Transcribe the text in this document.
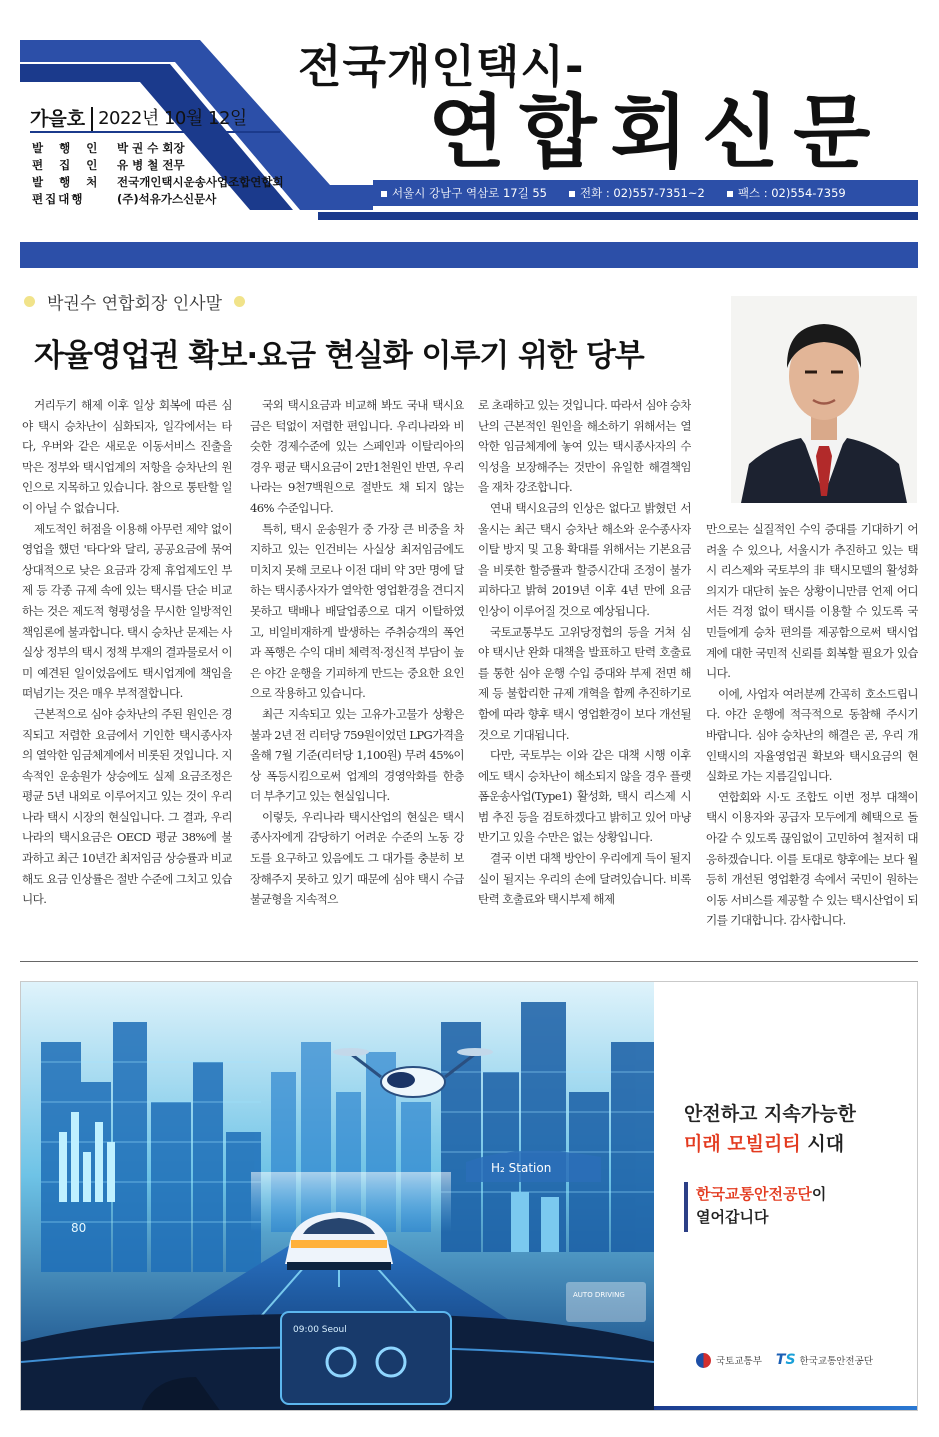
가을호 2022년 10월 12일
발 행 인	박 권 수 회장
편 집 인	유 병 철 전무
발 행 처	전국개인택시운송사업조합연합회
편집대행	(주)석유가스신문사
전국개인택시-
연합회신문
서울시 강남구 역삼로 17길 55	전화 : 02)557-7351~2	팩스 : 02)554-7359
박권수 연합회장 인사말
자율영업권 확보·요금 현실화 이루기 위한 당부

거리두기 해제 이후 일상 회복에 따른 심야 택시 승차난이 심화되자, 일각에서는 타다, 우버와 같은 새로운 이동서비스 진출을 막은 정부와 택시업계의 저항을 승차난의 원인으로 지목하고 있습니다. 참으로 통탄할 일이 아닐 수 없습니다.

제도적인 허점을 이용해 아무런 제약 없이 영업을 했던 '타다'와 달리, 공공요금에 묶여 상대적으로 낮은 요금과 강제 휴업제도인 부제 등 각종 규제 속에 있는 택시를 단순 비교하는 것은 제도적 형평성을 무시한 일방적인 책임론에 불과합니다. 택시 승차난 문제는 사실상 정부의 택시 정책 부재의 결과물로서 이미 예견된 일이었음에도 택시업계에 책임을 떠넘기는 것은 매우 부적절합니다.

근본적으로 심야 승차난의 주된 원인은 경직되고 저렴한 요금에서 기인한 택시종사자의 열악한 임금체계에서 비롯된 것입니다. 지속적인 운송원가 상승에도 실제 요금조정은 평균 5년 내외로 이루어지고 있는 것이 우리나라 택시 시장의 현실입니다. 그 결과, 우리나라의 택시요금은 OECD 평균 38%에 불과하고 최근 10년간 최저임금 상승률과 비교해도 요금 인상률은 절반 수준에 그치고 있습니다.

국외 택시요금과 비교해 봐도 국내 택시요금은 턱없이 저렴한 편입니다. 우리나라와 비슷한 경제수준에 있는 스페인과 이탈리아의 경우 평균 택시요금이 2만1천원인 반면, 우리나라는 9천7백원으로 절반도 채 되지 않는 46% 수준입니다.

특히, 택시 운송원가 중 가장 큰 비중을 차지하고 있는 인건비는 사실상 최저임금에도 미치지 못해 코로나 이전 대비 약 3만 명에 달하는 택시종사자가 열악한 영업환경을 견디지 못하고 택배나 배달업종으로 대거 이탈하였고, 비일비재하게 발생하는 주취승객의 폭언과 폭행은 수익 대비 체력적·정신적 부담이 높은 야간 운행을 기피하게 만드는 중요한 요인으로 작용하고 있습니다.

최근 지속되고 있는 고유가·고물가 상황은 불과 2년 전 리터당 759원이었던 LPG가격을 올해 7월 기준(리터당 1,100원) 무려 45%이상 폭등시킴으로써 업계의 경영악화를 한층 더 부추기고 있는 현실입니다.

이렇듯, 우리나라 택시산업의 현실은 택시종사자에게 감당하기 어려운 수준의 노동 강도를 요구하고 있음에도 그 대가를 충분히 보장해주지 못하고 있기 때문에 심야 택시 수급불균형을 지속적으

로 초래하고 있는 것입니다. 따라서 심야 승차난의 근본적인 원인을 해소하기 위해서는 열악한 임금체계에 놓여 있는 택시종사자의 수익성을 보장해주는 것만이 유일한 해결책임을 재차 강조합니다.

연내 택시요금의 인상은 없다고 밝혔던 서울시는 최근 택시 승차난 해소와 운수종사자 이탈 방지 및 고용 확대를 위해서는 기본요금을 비롯한 할증률과 할증시간대 조정이 불가피하다고 밝혀 2019년 이후 4년 만에 요금 인상이 이루어질 것으로 예상됩니다.

국토교통부도 고위당정협의 등을 거쳐 심야 택시난 완화 대책을 발표하고 탄력 호출료를 통한 심야 운행 수입 증대와 부제 전면 해제 등 불합리한 규제 개혁을 함께 추진하기로 함에 따라 향후 택시 영업환경이 보다 개선될 것으로 기대됩니다.

다만, 국토부는 이와 같은 대책 시행 이후에도 택시 승차난이 해소되지 않을 경우 플랫폼운송사업(Type1) 활성화, 택시 리스제 시범 추진 등을 검토하겠다고 밝히고 있어 마냥 반기고 있을 수만은 없는 상황입니다.

결국 이번 대책 방안이 우리에게 득이 될지 실이 될지는 우리의 손에 달려있습니다. 비록 탄력 호출료와 택시부제 해제

만으로는 실질적인 수익 증대를 기대하기 어려울 수 있으나, 서울시가 추진하고 있는 택시 리스제와 국토부의 非 택시모델의 활성화 의지가 대단히 높은 상황이니만큼 언제 어디서든 걱정 없이 택시를 이용할 수 있도록 국민들에게 승차 편의를 제공함으로써 택시업계에 대한 국민적 신뢰를 회복할 필요가 있습니다.

이에, 사업자 여러분께 간곡히 호소드립니다. 야간 운행에 적극적으로 동참해 주시기 바랍니다. 심야 승차난의 해결은 곧, 우리 개인택시의 자율영업권 확보와 택시요금의 현실화로 가는 지름길입니다.

연합회와 시·도 조합도 이번 정부 대책이 택시 이용자와 공급자 모두에게 혜택으로 돌아갈 수 있도록 끊임없이 고민하여 철저히 대응하겠습니다. 이를 토대로 향후에는 보다 월등히 개선된 영업환경 속에서 국민이 원하는 이동 서비스를 제공할 수 있는 택시산업이 되기를 기대합니다. 감사합니다.

80
H₂ Station
09:00 Seoul
AUTO DRIVING
안전하고 지속가능한
미래 모빌리티 시대
한국교통안전공단이
열어갑니다
국토교통부 TS 한국교통안전공단
